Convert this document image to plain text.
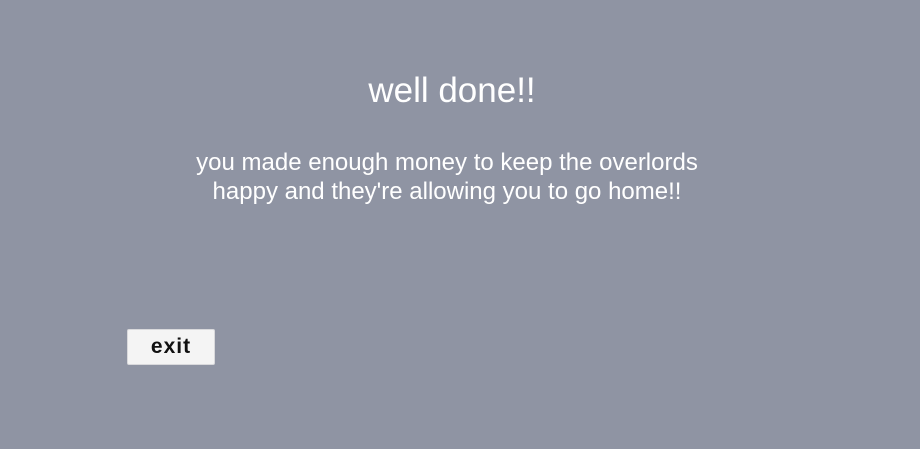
well done!!
you made enough money to keep the overlords
happy and they're allowing you to go home!!
exit
